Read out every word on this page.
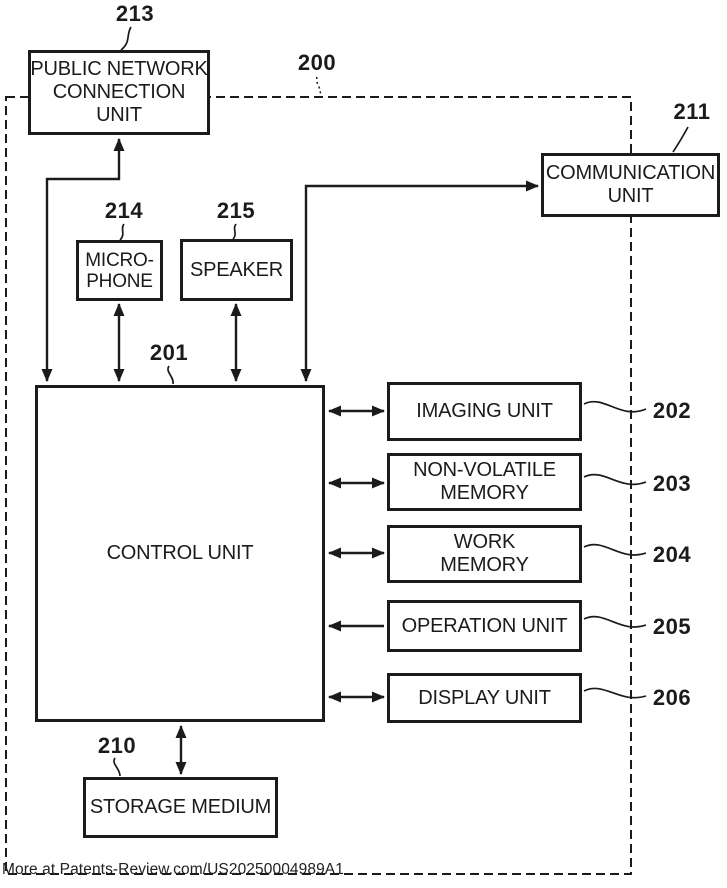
213
200
211
214	215
201
202
203
204
205
206
210
PUBLIC NETWORK
CONNECTION
UNIT
COMMUNICATION
UNIT
MICRO-
PHONE
SPEAKER
CONTROL UNIT
IMAGING UNIT
NON-VOLATILE
MEMORY
WORK
MEMORY
OPERATION UNIT
DISPLAY UNIT
STORAGE MEDIUM
More at Patents-Review.com/US20250004989A1
